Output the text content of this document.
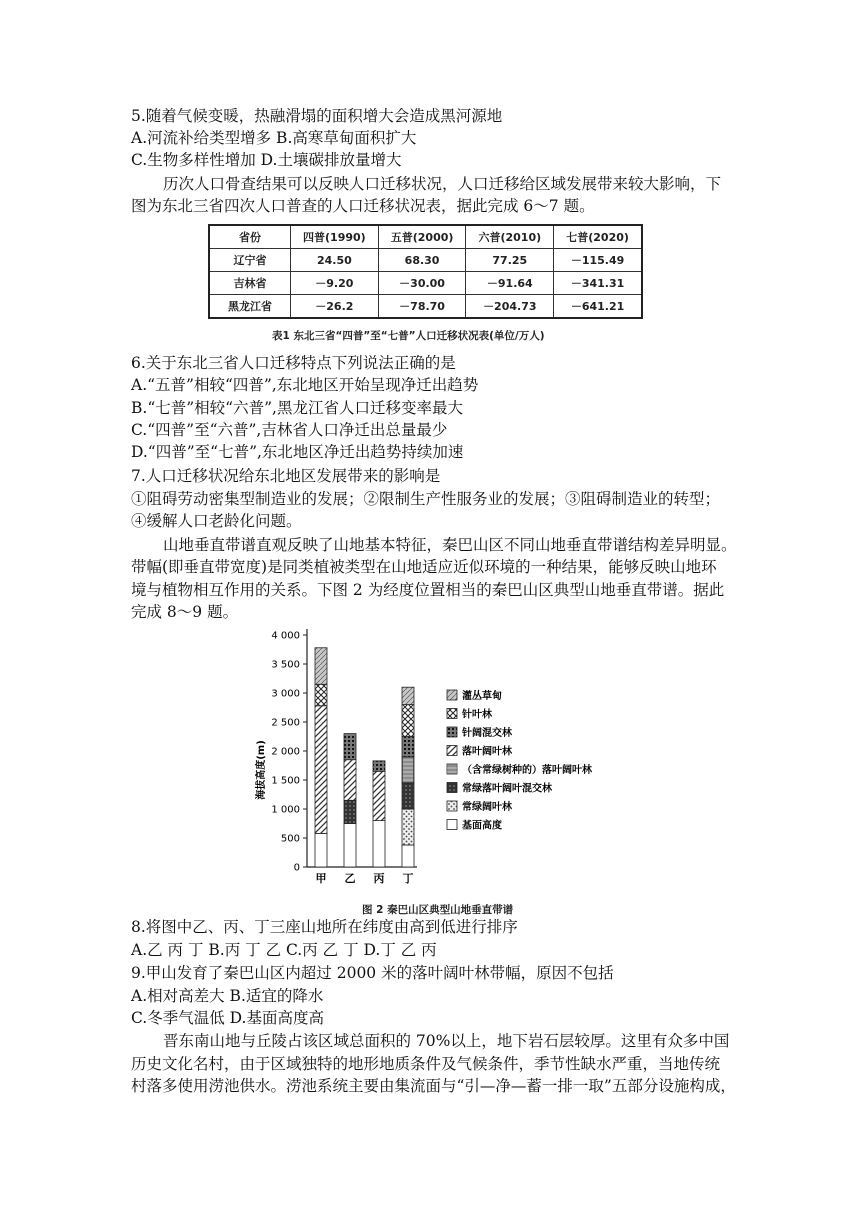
5.随着气候变暖，热融滑塌的面积增大会造成黑河源地
A.河流补给类型增多 B.高寒草甸面积扩大
C.生物多样性增加 D.土壤碳排放量增大
历次人口骨查结果可以反映人口迁移状况，人口迁移给区域发展带来较大影响，下
图为东北三省四次人口普查的人口迁移状况表，据此完成 6～7 题。
省份	四普(1990)	五普(2000)	六普(2010)	七普(2020)
辽宁省	24.50	68.30	77.25	－115.49
吉林省	－9.20	－30.00	－91.64	－341.31
黑龙江省	－26.2	－78.70	－204.73	－641.21
表1 东北三省“四普”至“七普”人口迁移状况表(单位/万人)
6.关于东北三省人口迁移特点下列说法正确的是
A.“五普”相较“四普”,东北地区开始呈现净迁出趋势
B.“七普”相较“六普”,黑龙江省人口迁移变率最大
C.“四普”至“六普”,吉林省人口净迁出总量最少
D.“四普”至“七普”,东北地区净迁出趋势持续加速
7.人口迁移状况给东北地区发展带来的影响是
①阻碍劳动密集型制造业的发展；②限制生产性服务业的发展；③阻碍制造业的转型；
④缓解人口老龄化问题。
山地垂直带谱直观反映了山地基本特征，秦巴山区不同山地垂直带谱结构差异明显。
带幅(即垂直带宽度)是同类植被类型在山地适应近似环境的一种结果，能够反映山地环
境与植物相互作用的关系。下图 2 为经度位置相当的秦巴山区典型山地垂直带谱。据此
完成 8～9 题。
海拔高度(m)
0
500
1 000
1 500
2 000
2 500
3 000
3 500
4 000
甲 乙 丙 丁
灌丛草甸
针叶林
针阔混交林
落叶阔叶林
（含常绿树种的）落叶阔叶林
常绿落叶阔叶混交林
常绿阔叶林
基面高度
图 2 秦巴山区典型山地垂直带谱
8.将图中乙、丙、丁三座山地所在纬度由高到低进行排序
A.乙 丙 丁 B.丙 丁 乙 C.丙 乙 丁 D.丁 乙 丙
9.甲山发育了秦巴山区内超过 2000 米的落叶阔叶林带幅，原因不包括
A.相对高差大 B.适宜的降水
C.冬季气温低 D.基面高度高
晋东南山地与丘陵占该区域总面积的 70%以上，地下岩石层较厚。这里有众多中国
历史文化名村，由于区域独特的地形地质条件及气候条件，季节性缺水严重，当地传统
村落多使用涝池供水。涝池系统主要由集流面与“引—净—蓄一排一取”五部分设施构成，
